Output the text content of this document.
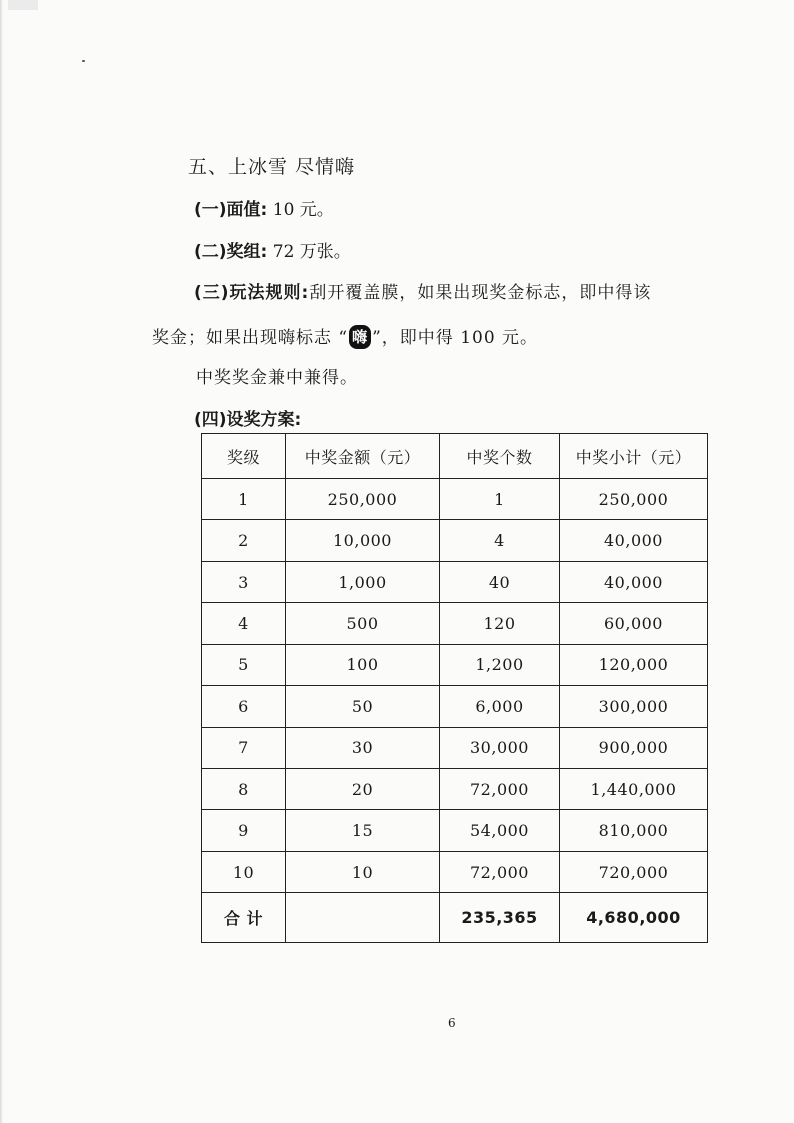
五、上冰雪 尽情嗨
(一)面值: 10 元。
(二)奖组: 72 万张。
(三)玩法规则:刮开覆盖膜，如果出现奖金标志，即中得该
奖金；如果出现嗨标志 “ 嗨 ”，即中得 100 元。
中奖奖金兼中兼得。
(四)设奖方案:
奖级	中奖金额（元）	中奖个数	中奖小计（元）
1	250,000	1	250,000
2	10,000	4	40,000
3	1,000	40	40,000
4	500	120	60,000
5	100	1,200	120,000
6	50	6,000	300,000
7	30	30,000	900,000
8	20	72,000	1,440,000
9	15	54,000	810,000
10	10	72,000	720,000
合 计		235,365	4,680,000
6
